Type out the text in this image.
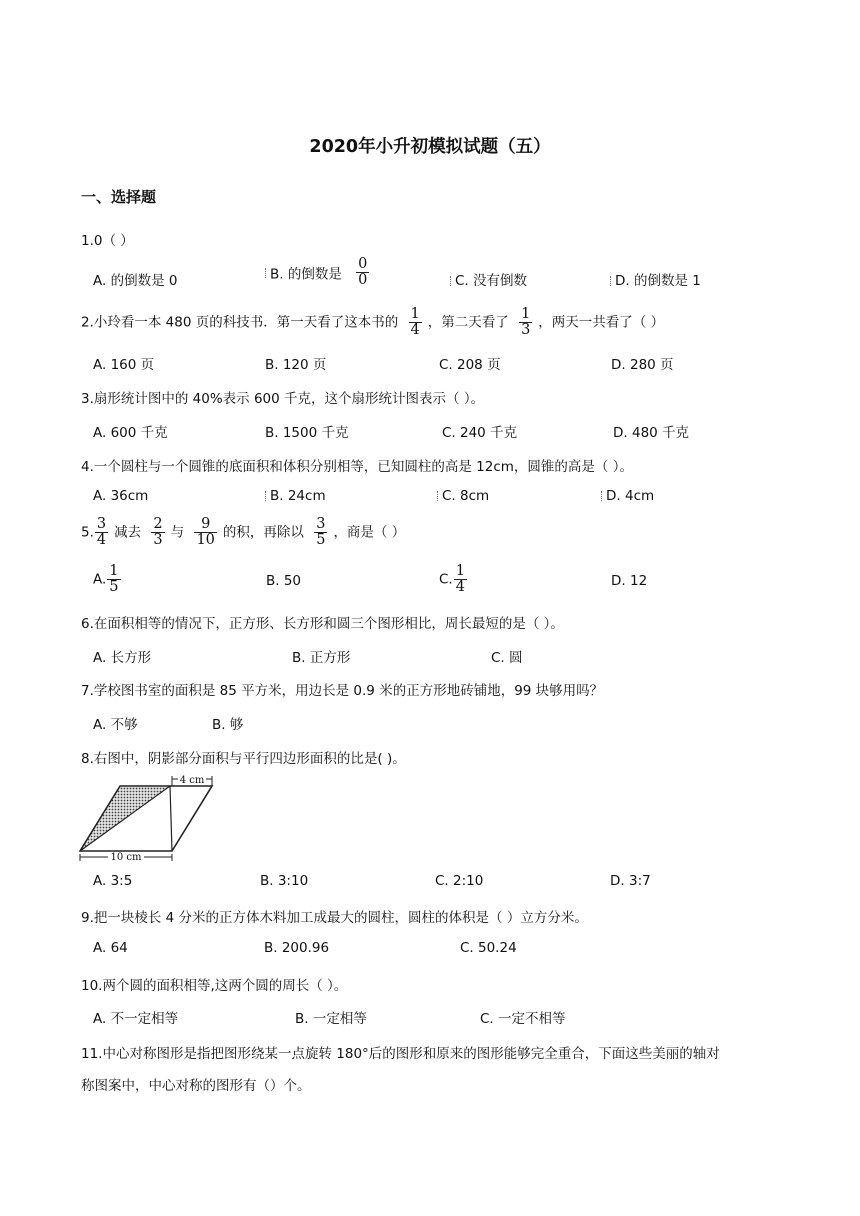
2020年小升初模拟试题（五）
一、选择题
1.0（ ）
A. 的倒数是 0	B. 的倒数是 $\frac{0}{0}$	C. 没有倒数	D. 的倒数是 1
2.小玲看一本 480 页的科技书．第一天看了这本书的 $\frac{1}{4}$ ，第二天看了 $\frac{1}{3}$ ，两天一共看了（ ）
A. 160 页	B. 120 页	C. 208 页	D. 280 页
3.扇形统计图中的 40%表示 600 千克，这个扇形统计图表示（ ）。
A. 600 千克	B. 1500 千克	C. 240 千克	D. 480 千克
4.一个圆柱与一个圆锥的底面积和体积分别相等，已知圆柱的高是 12cm，圆锥的高是（ ）。
A. 36cm	B. 24cm	C. 8cm	D. 4cm
5. $\frac{3}{4}$ 减去 $\frac{2}{3}$ 与 $\frac{9}{10}$ 的积，再除以 $\frac{3}{5}$ ，商是（ ）
A. $\frac{1}{5}$	B. 50	C. $\frac{1}{4}$	D. 12
6.在面积相等的情况下，正方形、长方形和圆三个图形相比，周长最短的是（ ）。
A. 长方形	B. 正方形	C. 圆
7.学校图书室的面积是 85 平方米，用边长是 0.9 米的正方形地砖铺地，99 块够用吗？
A. 不够	B. 够
8.右图中，阴影部分面积与平行四边形面积的比是( )。
4 cm
10 cm
A. 3:5	B. 3:10	C. 2:10	D. 3:7
9.把一块棱长 4 分米的正方体木料加工成最大的圆柱，圆柱的体积是（ ）立方分米。
A. 64	B. 200.96	C. 50.24
10.两个圆的面积相等,这两个圆的周长（ ）。
A. 不一定相等	B. 一定相等	C. 一定不相等
11.中心对称图形是指把图形绕某一点旋转 180°后的图形和原来的图形能够完全重合，下面这些美丽的轴对
称图案中，中心对称的图形有（）个。
